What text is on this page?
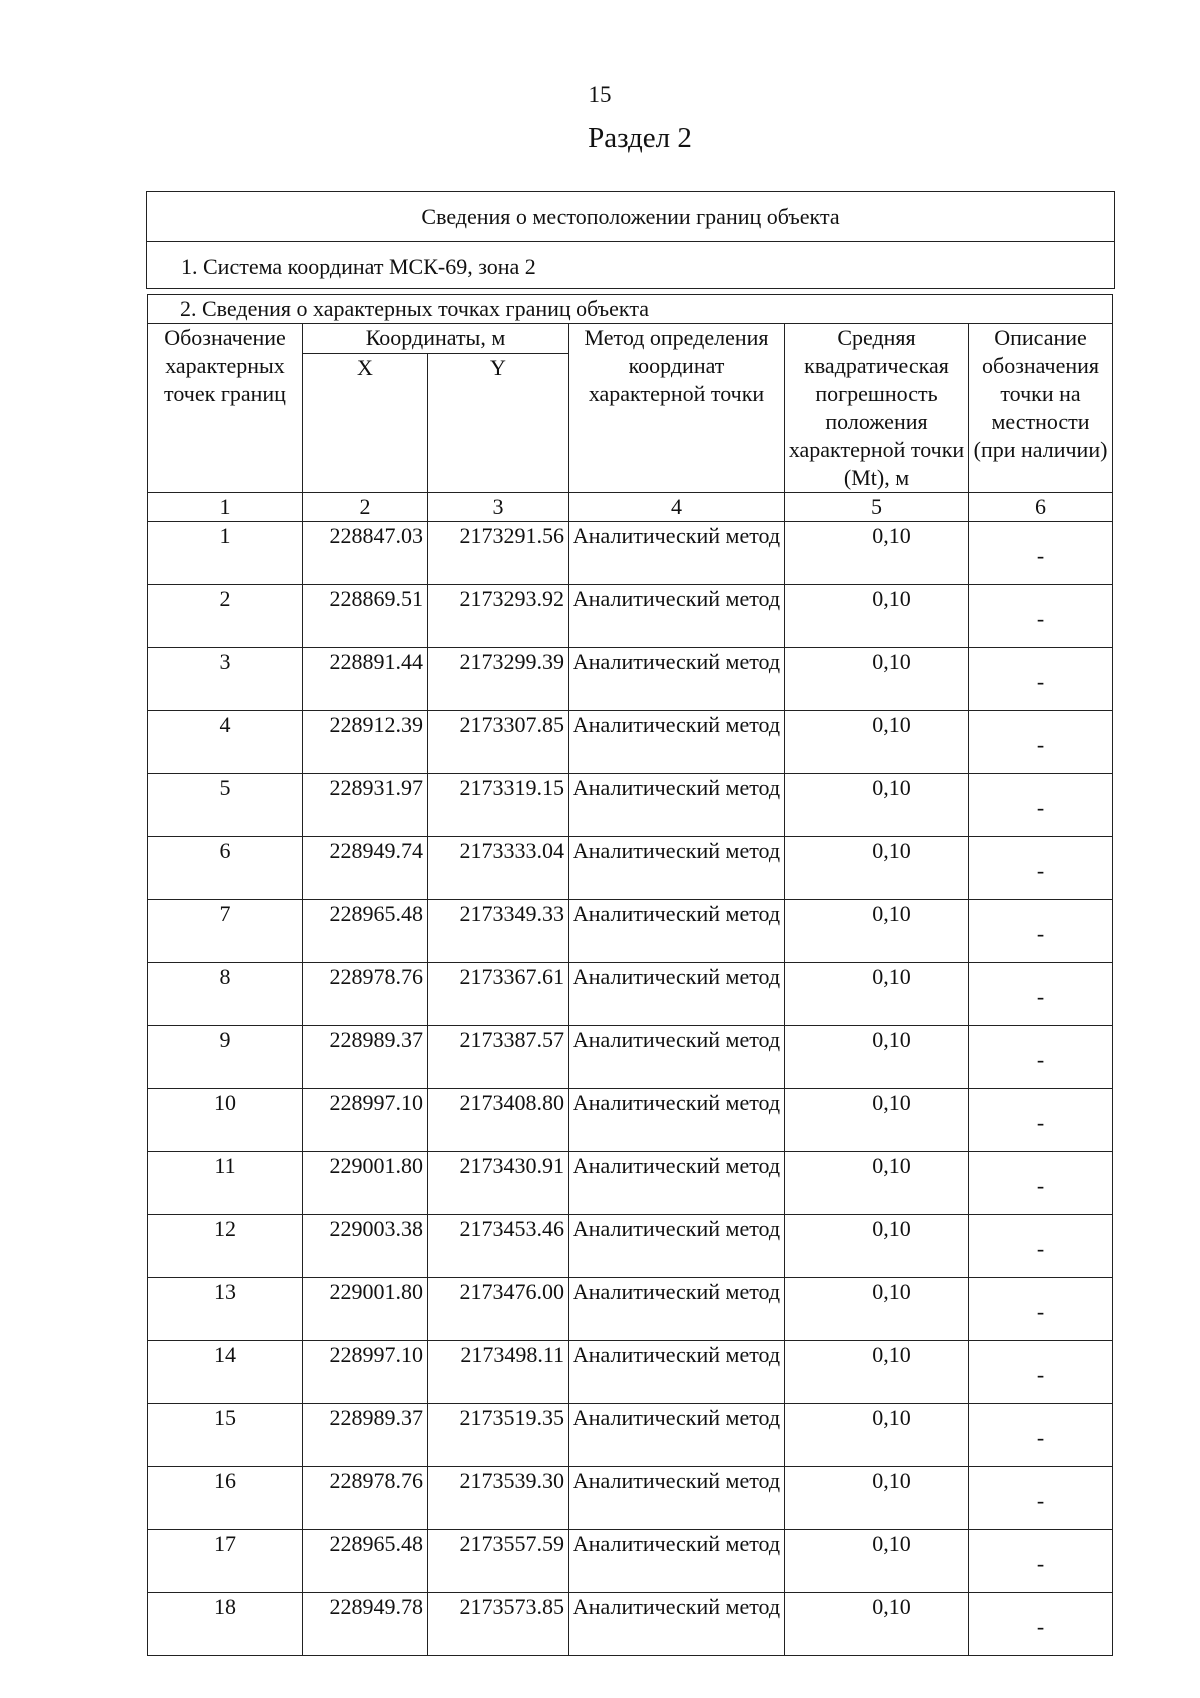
15
Раздел 2
Сведения о местоположении границ объекта
1. Система координат МСК-69, зона 2
2. Сведения о характерных точках границ объекта					
Обозначение характерных точек границ	Координаты, м		Метод определения координат характерной точки	Средняя квадратическая погрешность положения характерной точки (Mt), м	Описание обозначения точки на местности (при наличии)
	X	Y			
1	2	3	4	5	6
1	228847.03	2173291.56	Аналитический метод	0,10	-
2	228869.51	2173293.92	Аналитический метод	0,10	-
3	228891.44	2173299.39	Аналитический метод	0,10	-
4	228912.39	2173307.85	Аналитический метод	0,10	-
5	228931.97	2173319.15	Аналитический метод	0,10	-
6	228949.74	2173333.04	Аналитический метод	0,10	-
7	228965.48	2173349.33	Аналитический метод	0,10	-
8	228978.76	2173367.61	Аналитический метод	0,10	-
9	228989.37	2173387.57	Аналитический метод	0,10	-
10	228997.10	2173408.80	Аналитический метод	0,10	-
11	229001.80	2173430.91	Аналитический метод	0,10	-
12	229003.38	2173453.46	Аналитический метод	0,10	-
13	229001.80	2173476.00	Аналитический метод	0,10	-
14	228997.10	2173498.11	Аналитический метод	0,10	-
15	228989.37	2173519.35	Аналитический метод	0,10	-
16	228978.76	2173539.30	Аналитический метод	0,10	-
17	228965.48	2173557.59	Аналитический метод	0,10	-
18	228949.78	2173573.85	Аналитический метод	0,10	-
